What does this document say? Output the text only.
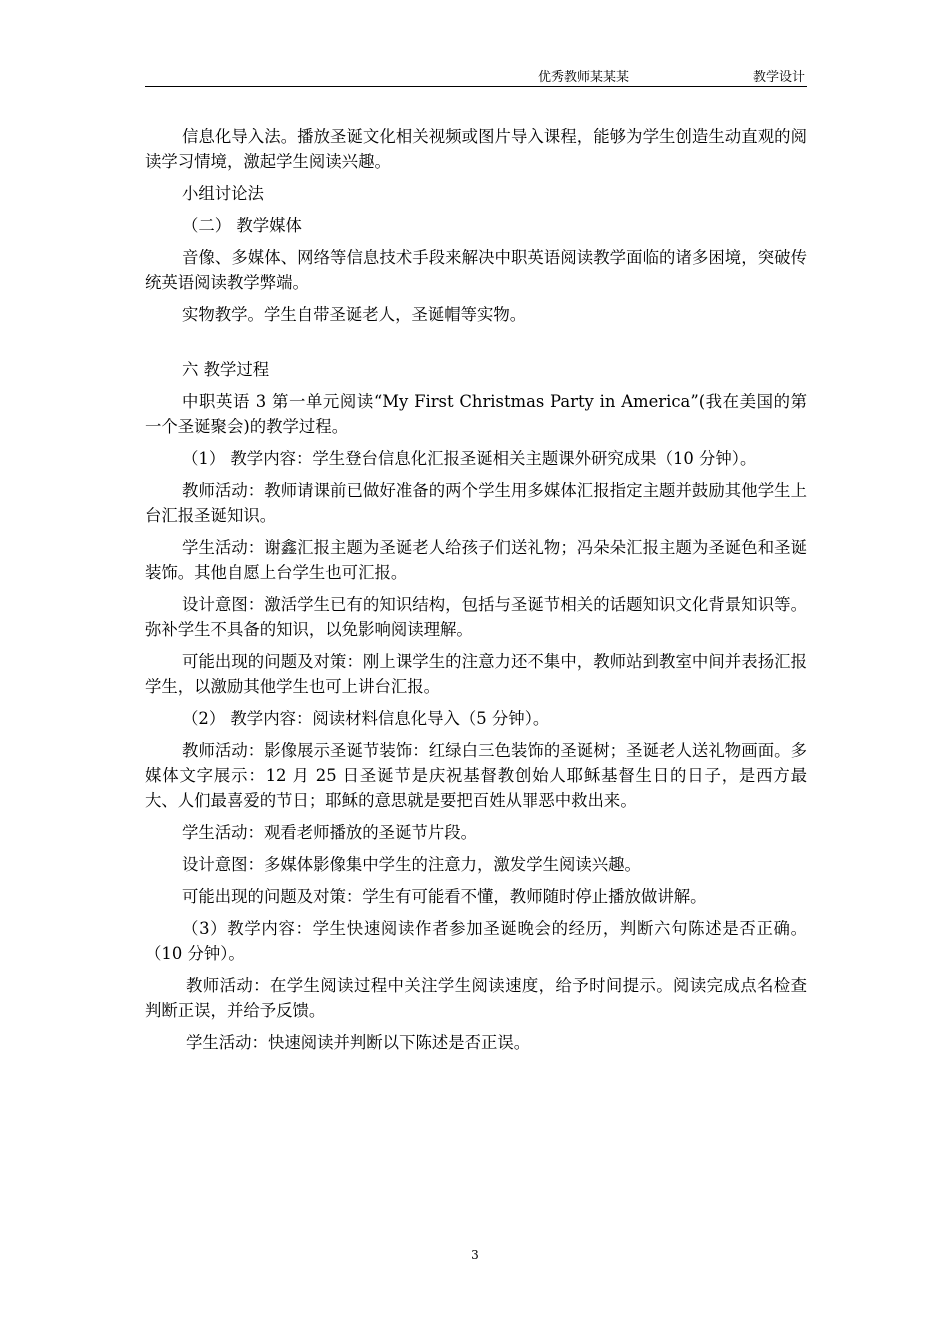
优秀教师某某某	教学设计

信息化导入法。播放圣诞文化相关视频或图片导入课程，能够为学生创造生动直观的阅读学习情境，激起学生阅读兴趣。

小组讨论法

（二） 教学媒体

音像、多媒体、网络等信息技术手段来解决中职英语阅读教学面临的诸多困境，突破传统英语阅读教学弊端。

实物教学。学生自带圣诞老人，圣诞帽等实物。

六 教学过程

中职英语 3 第一单元阅读“My First Christmas Party in America”(我在美国的第一个圣诞聚会)的教学过程。

（1） 教学内容：学生登台信息化汇报圣诞相关主题课外研究成果（10 分钟）。

教师活动：教师请课前已做好准备的两个学生用多媒体汇报指定主题并鼓励其他学生上台汇报圣诞知识。

学生活动：谢鑫汇报主题为圣诞老人给孩子们送礼物；冯朵朵汇报主题为圣诞色和圣诞装饰。其他自愿上台学生也可汇报。

设计意图：激活学生已有的知识结构，包括与圣诞节相关的话题知识文化背景知识等。弥补学生不具备的知识，以免影响阅读理解。

可能出现的问题及对策：刚上课学生的注意力还不集中，教师站到教室中间并表扬汇报学生，以激励其他学生也可上讲台汇报。

（2） 教学内容：阅读材料信息化导入（5 分钟）。

教师活动：影像展示圣诞节装饰：红绿白三色装饰的圣诞树；圣诞老人送礼物画面。多媒体文字展示：12 月 25 日圣诞节是庆祝基督教创始人耶稣基督生日的日子，是西方最大、人们最喜爱的节日；耶稣的意思就是要把百姓从罪恶中救出来。

学生活动：观看老师播放的圣诞节片段。

设计意图：多媒体影像集中学生的注意力，激发学生阅读兴趣。

可能出现的问题及对策：学生有可能看不懂，教师随时停止播放做讲解。

（3）教学内容：学生快速阅读作者参加圣诞晚会的经历，判断六句陈述是否正确。（10 分钟）。

教师活动：在学生阅读过程中关注学生阅读速度，给予时间提示。阅读完成点名检查判断正误，并给予反馈。

学生活动：快速阅读并判断以下陈述是否正误。

3
